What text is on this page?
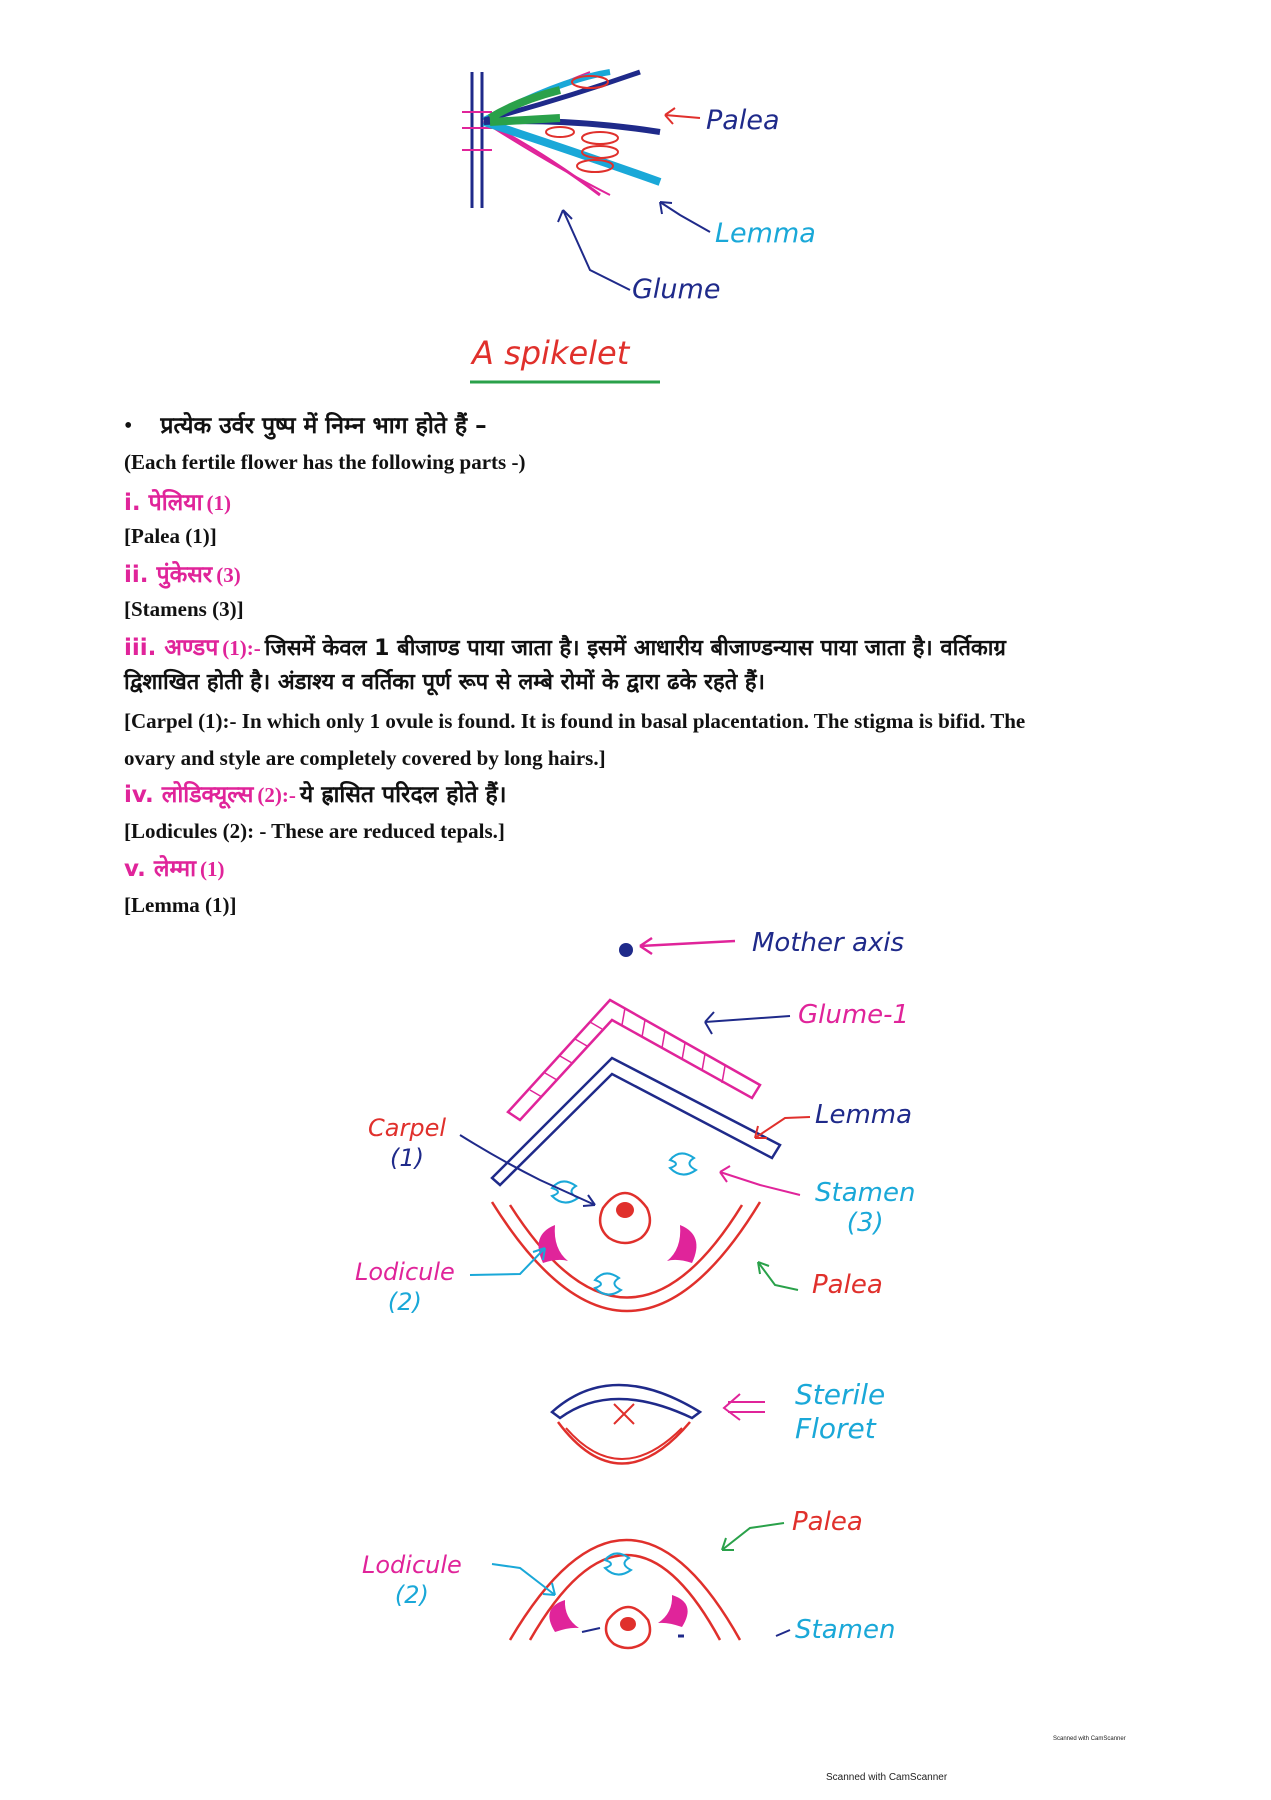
Palea
Lemma
Glume
A spikelet
• प्रत्येक उर्वर पुष्प में निम्न भाग होते हैं –
(Each fertile flower has the following parts -)
i. पेलिया (1)
[Palea (1)]
ii. पुंकेसर (3)
[Stamens (3)]
iii. अण्डप (1):- जिसमें केवल 1 बीजाण्ड पाया जाता है। इसमें आधारीय बीजाण्डन्यास पाया जाता है। वर्तिकाग्र
द्विशाखित होती है। अंडाश्य व वर्तिका पूर्ण रूप से लम्बे रोमों के द्वारा ढके रहते हैं।
[Carpel (1):- In which only 1 ovule is found. It is found in basal placentation. The stigma is bifid. The
ovary and style are completely covered by long hairs.]
iv. लोडिक्यूल्स (2):- ये ह्रासित परिदल होते हैं।
[Lodicules (2): - These are reduced tepals.]
v. लेम्मा (1)
[Lemma (1)]
Mother axis
Glume-1
Lemma
Carpel
(1)
Stamen
(3)
Lodicule
(2)
Palea
Sterile
Floret
Palea
Lodicule
(2)
Stamen
Scanned with CamScanner
Scanned with CamScanner
